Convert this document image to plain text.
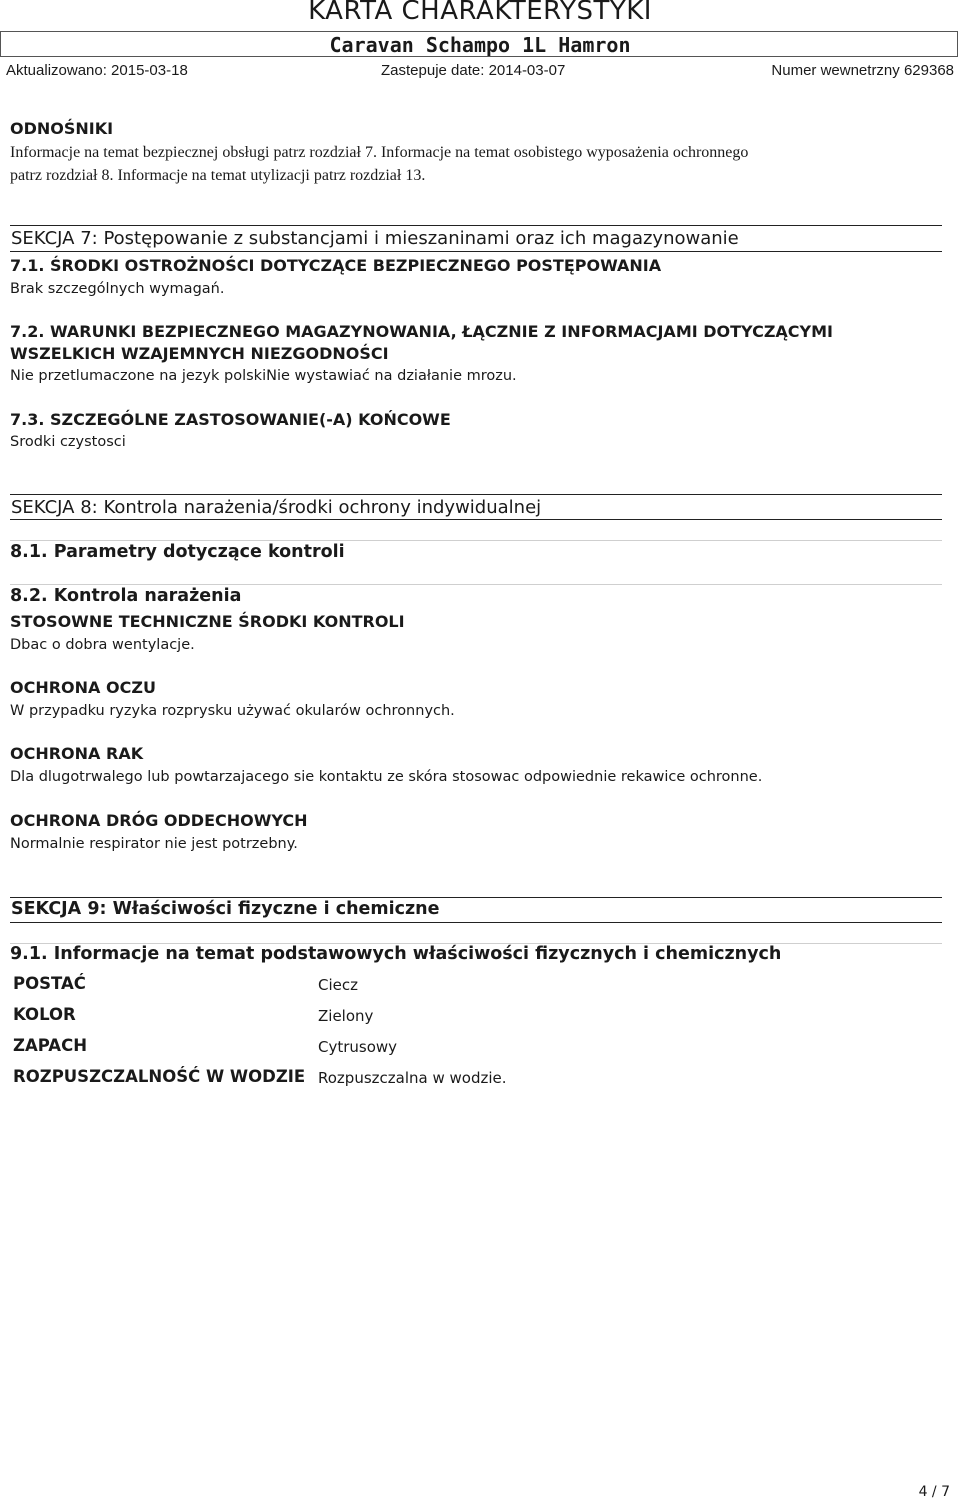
KARTA CHARAKTERYSTYKI
Caravan Schampo 1L Hamron
Aktualizowano: 2015-03-18	Zastepuje date: 2014-03-07	Numer wewnetrzny 629368
ODNOŚNIKI
Informacje na temat bezpiecznej obsługi patrz rozdział 7. Informacje na temat osobistego wyposażenia ochronnego
patrz rozdział 8. Informacje na temat utylizacji patrz rozdział 13.
SEKCJA 7: Postępowanie z substancjami i mieszaninami oraz ich magazynowanie
7.1. ŚRODKI OSTROŻNOŚCI DOTYCZĄCE BEZPIECZNEGO POSTĘPOWANIA
Brak szczególnych wymagań.
7.2. WARUNKI BEZPIECZNEGO MAGAZYNOWANIA, ŁĄCZNIE Z INFORMACJAMI DOTYCZĄCYMI
WSZELKICH WZAJEMNYCH NIEZGODNOŚCI
Nie przetlumaczone na jezyk polskiNie wystawiać na działanie mrozu.
7.3. SZCZEGÓLNE ZASTOSOWANIE(-A) KOŃCOWE
Srodki czystosci
SEKCJA 8: Kontrola narażenia/środki ochrony indywidualnej
8.1. Parametry dotyczące kontroli
8.2. Kontrola narażenia
STOSOWNE TECHNICZNE ŚRODKI KONTROLI
Dbac o dobra wentylacje.
OCHRONA OCZU
W przypadku ryzyka rozprysku używać okularów ochronnych.
OCHRONA RAK
Dla dlugotrwalego lub powtarzajacego sie kontaktu ze skóra stosowac odpowiednie rekawice ochronne.
OCHRONA DRÓG ODDECHOWYCH
Normalnie respirator nie jest potrzebny.
SEKCJA 9: Właściwości fizyczne i chemiczne
9.1. Informacje na temat podstawowych właściwości fizycznych i chemicznych
POSTAĆ	Ciecz
KOLOR	Zielony
ZAPACH	Cytrusowy
ROZPUSZCZALNOŚĆ W WODZIE Rozpuszczalna w wodzie.
4 / 7
